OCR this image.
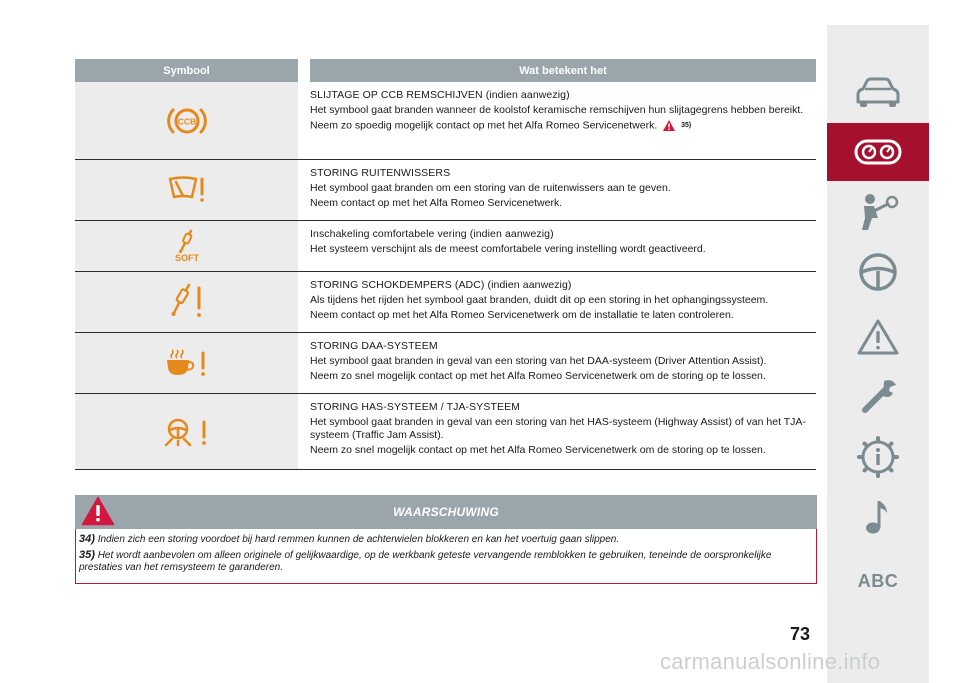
Symbool	Wat betekent het
CCB
SLIJTAGE OP CCB REMSCHIJVEN (indien aanwezig)
Het symbool gaat branden wanneer de koolstof keramische remschijven hun slijtagegrens hebben bereikt.
Neem zo spoedig mogelijk contact op met het Alfa Romeo Servicenetwerk.	35)
STORING RUITENWISSERS
Het symbool gaat branden om een storing van de ruitenwissers aan te geven.
Neem contact op met het Alfa Romeo Servicenetwerk.
SOFT
Inschakeling comfortabele vering (indien aanwezig)
Het systeem verschijnt als de meest comfortabele vering instelling wordt geactiveerd.
STORING SCHOKDEMPERS (ADC) (indien aanwezig)
Als tijdens het rijden het symbool gaat branden, duidt dit op een storing in het ophangingssysteem.
Neem contact op met het Alfa Romeo Servicenetwerk om de installatie te laten controleren.
STORING DAA-SYSTEEM
Het symbool gaat branden in geval van een storing van het DAA-systeem (Driver Attention Assist).
Neem zo snel mogelijk contact op met het Alfa Romeo Servicenetwerk om de storing op te lossen.
STORING HAS-SYSTEEM / TJA-SYSTEEM
Het symbool gaat branden in geval van een storing van het HAS-systeem (Highway Assist) of van het TJA-systeem (Traffic Jam Assist).
Neem zo snel mogelijk contact op met het Alfa Romeo Servicenetwerk om de storing op te lossen.
WAARSCHUWING
34) Indien zich een storing voordoet bij hard remmen kunnen de achterwielen blokkeren en kan het voertuig gaan slippen.
35) Het wordt aanbevolen om alleen originele of gelijkwaardige, op de werkbank geteste vervangende remblokken te gebruiken, teneinde de oorspronkelijke prestaties van het remsysteem te garanderen.
ABC
73
carmanualsonline.info
